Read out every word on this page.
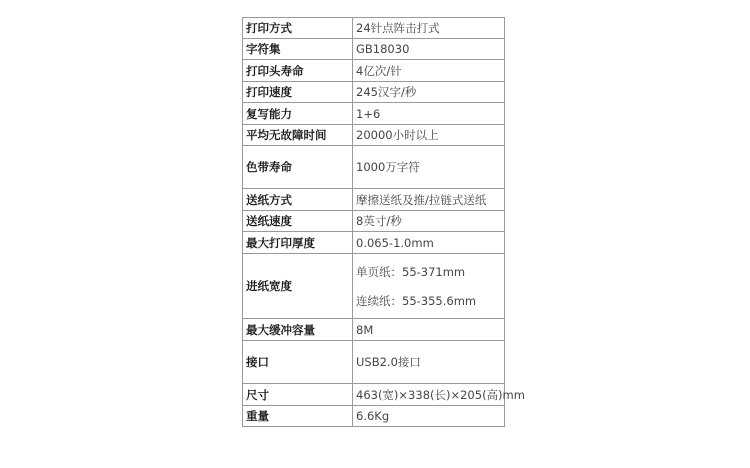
打印方式	24针点阵击打式
字符集	GB18030
打印头寿命	4亿次/针
打印速度	245汉字/秒
复写能力	1+6
平均无故障时间	20000小时以上
色带寿命	1000万字符
送纸方式	摩擦送纸及推/拉链式送纸
送纸速度	8英寸/秒
最大打印厚度	0.065-1.0mm
进纸宽度	单页纸：55-371mm
连续纸：55-355.6mm

最大缓冲容量	8M
接口	USB2.0接口
尺寸	463(宽)×338(长)×205(高)mm
重量	6.6Kg
